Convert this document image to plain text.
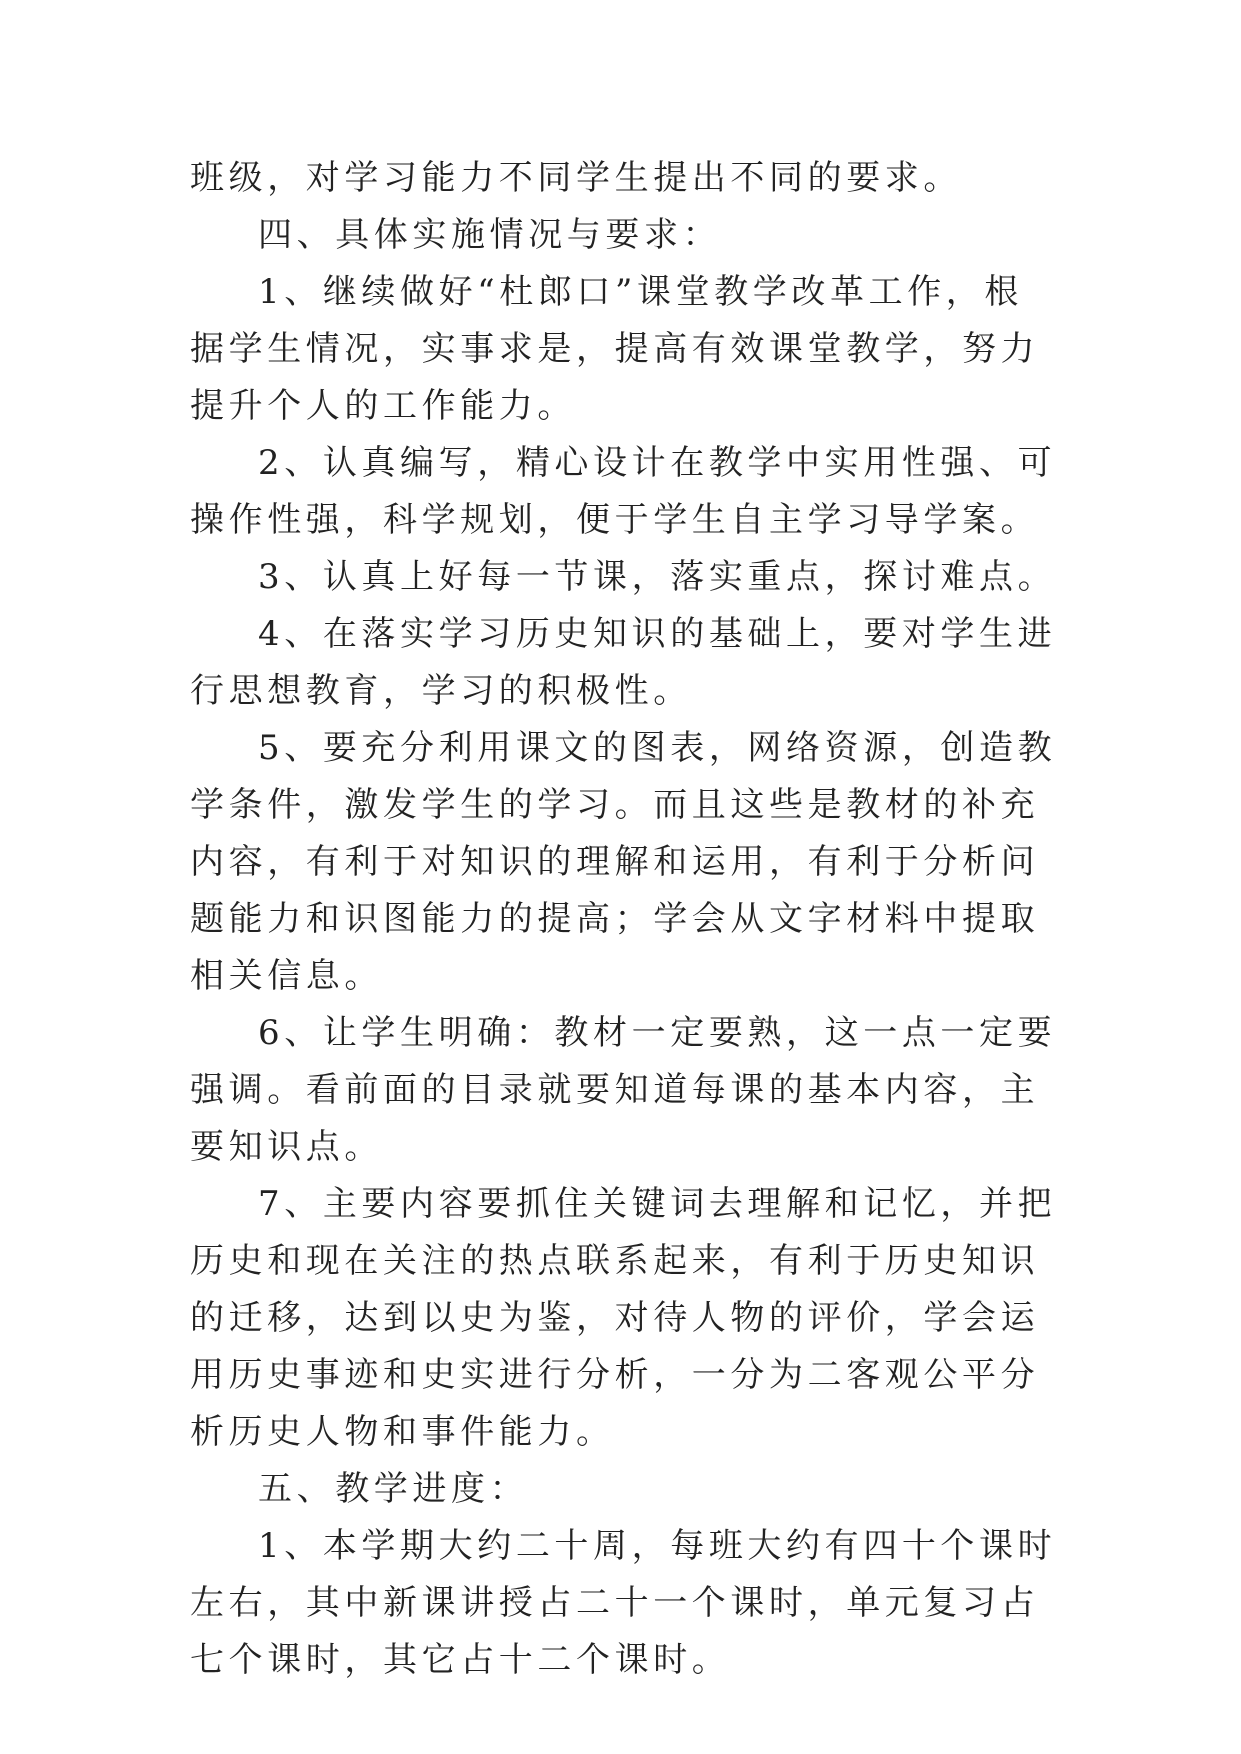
班级，对学习能力不同学生提出不同的要求。

四、具体实施情况与要求：

1、继续做好“杜郎口”课堂教学改革工作，根据学生情况，实事求是，提高有效课堂教学，努力提升个人的工作能力。

2、认真编写，精心设计在教学中实用性强、可操作性强，科学规划，便于学生自主学习导学案。

3、认真上好每一节课，落实重点，探讨难点。

4、在落实学习历史知识的基础上，要对学生进行思想教育，学习的积极性。

5、要充分利用课文的图表，网络资源，创造教学条件，激发学生的学习。而且这些是教材的补充内容，有利于对知识的理解和运用，有利于分析问题能力和识图能力的提高；学会从文字材料中提取相关信息。

6、让学生明确：教材一定要熟，这一点一定要强调。看前面的目录就要知道每课的基本内容，主要知识点。

7、主要内容要抓住关键词去理解和记忆，并把历史和现在关注的热点联系起来，有利于历史知识的迁移，达到以史为鉴，对待人物的评价，学会运用历史事迹和史实进行分析，一分为二客观公平分析历史人物和事件能力。

五、教学进度：

1、本学期大约二十周，每班大约有四十个课时左右，其中新课讲授占二十一个课时，单元复习占七个课时，其它占十二个课时。
